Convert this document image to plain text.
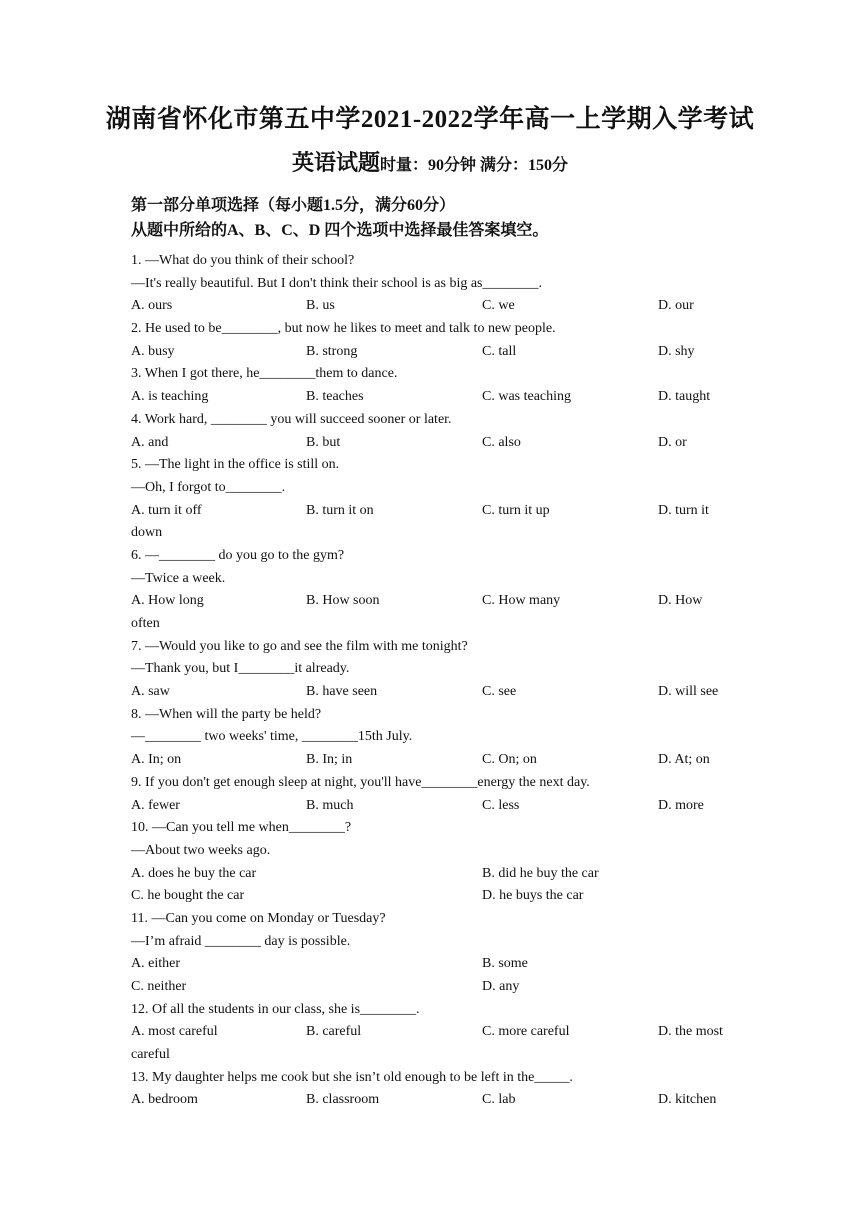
湖南省怀化市第五中学2021-2022学年高一上学期入学考试
英语试题时量：90分钟 满分：150分

第一部分单项选择（每小题1.5分，满分60分）

从题中所给的A、B、C、D 四个选项中选择最佳答案填空。

1. —What do you think of their school?
—It's really beautiful. But I don't think their school is as big as________.
A. ours	B. us	C. we	D. our
2. He used to be________, but now he likes to meet and talk to new people.
A. busy	B. strong	C. tall	D. shy
3. When I got there, he________them to dance.
A. is teaching	B. teaches	C. was teaching	D. taught
4. Work hard, ________ you will succeed sooner or later.
A. and	B. but	C. also	D. or
5. —The light in the office is still on.
—Oh, I forgot to________.
A. turn it off	B. turn it on	C. turn it up	D. turn it
down
6. —________ do you go to the gym?
—Twice a week.
A. How long	B. How soon	C. How many	D. How
often
7. —Would you like to go and see the film with me tonight?
—Thank you, but I________it already.
A. saw	B. have seen	C. see	D. will see
8. —When will the party be held?
—________ two weeks' time, ________15th July.
A. In; on	B. In; in	C. On; on	D. At; on
9. If you don't get enough sleep at night, you'll have________energy the next day.
A. fewer	B. much	C. less	D. more
10. —Can you tell me when________?
—About two weeks ago.
A. does he buy the car	B. did he buy the car
C. he bought the car	D. he buys the car
11. —Can you come on Monday or Tuesday?
—I’m afraid ________ day is possible.
A. either	B. some
C. neither	D. any
12. Of all the students in our class, she is________.
A. most careful	B. careful	C. more careful	D. the most
careful
13. My daughter helps me cook but she isn’t old enough to be left in the_____.
A. bedroom	B. classroom	C. lab	D. kitchen
